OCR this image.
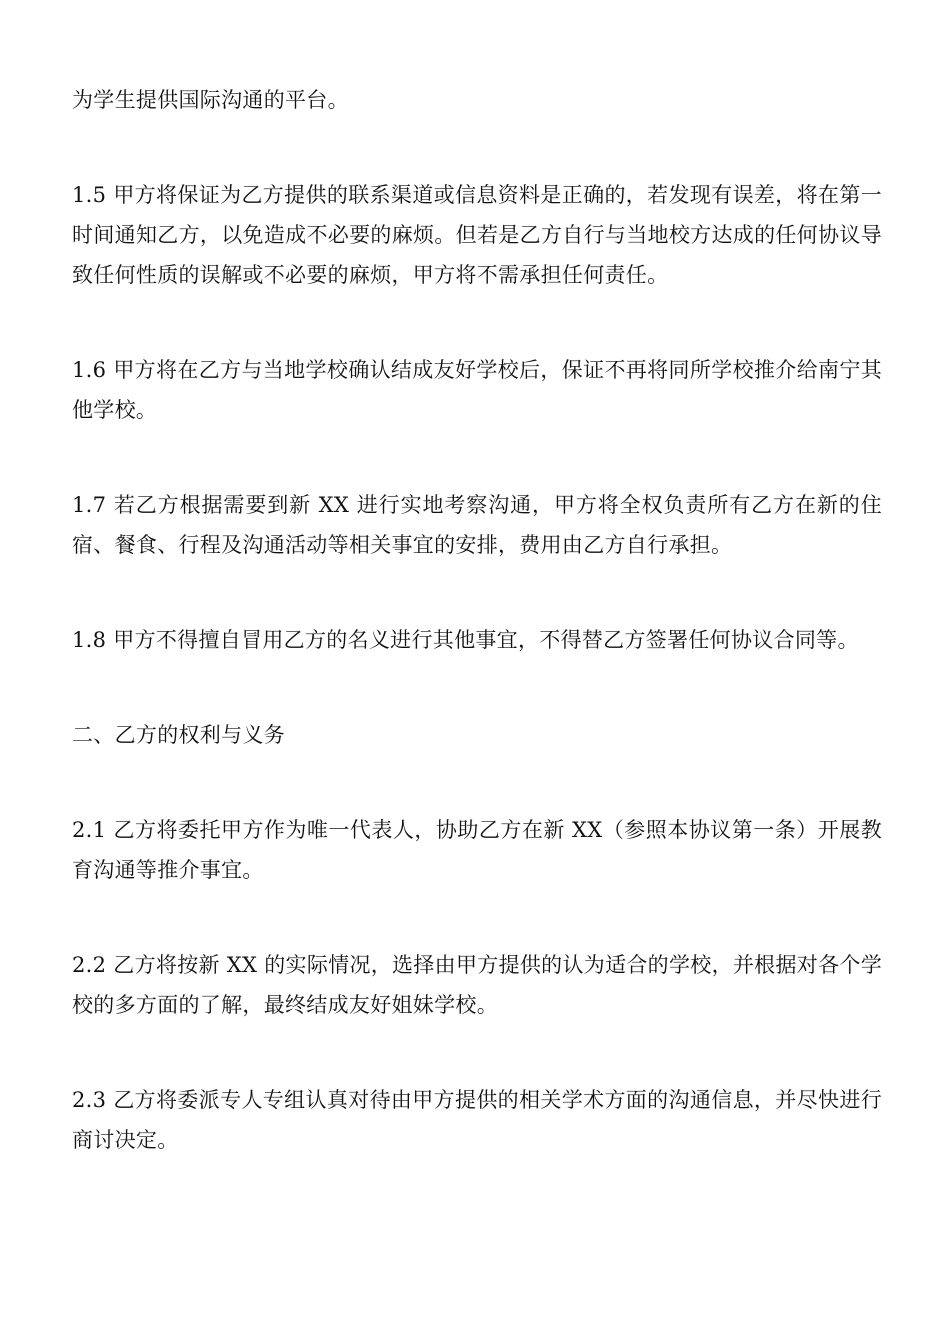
为学生提供国际沟通的平台。

1.5 甲方将保证为乙方提供的联系渠道或信息资料是正确的，若发现有误差，将在第一时间通知乙方，以免造成不必要的麻烦。但若是乙方自行与当地校方达成的任何协议导致任何性质的误解或不必要的麻烦，甲方将不需承担任何责任。

1.6 甲方将在乙方与当地学校确认结成友好学校后，保证不再将同所学校推介给南宁其他学校。

1.7 若乙方根据需要到新 XX 进行实地考察沟通，甲方将全权负责所有乙方在新的住宿、餐食、行程及沟通活动等相关事宜的安排，费用由乙方自行承担。

1.8 甲方不得擅自冒用乙方的名义进行其他事宜，不得替乙方签署任何协议合同等。

二、乙方的权利与义务

2.1 乙方将委托甲方作为唯一代表人，协助乙方在新 XX（参照本协议第一条）开展教育沟通等推介事宜。

2.2 乙方将按新 XX 的实际情况，选择由甲方提供的认为适合的学校，并根据对各个学校的多方面的了解，最终结成友好姐妹学校。

2.3 乙方将委派专人专组认真对待由甲方提供的相关学术方面的沟通信息，并尽快进行商讨决定。
